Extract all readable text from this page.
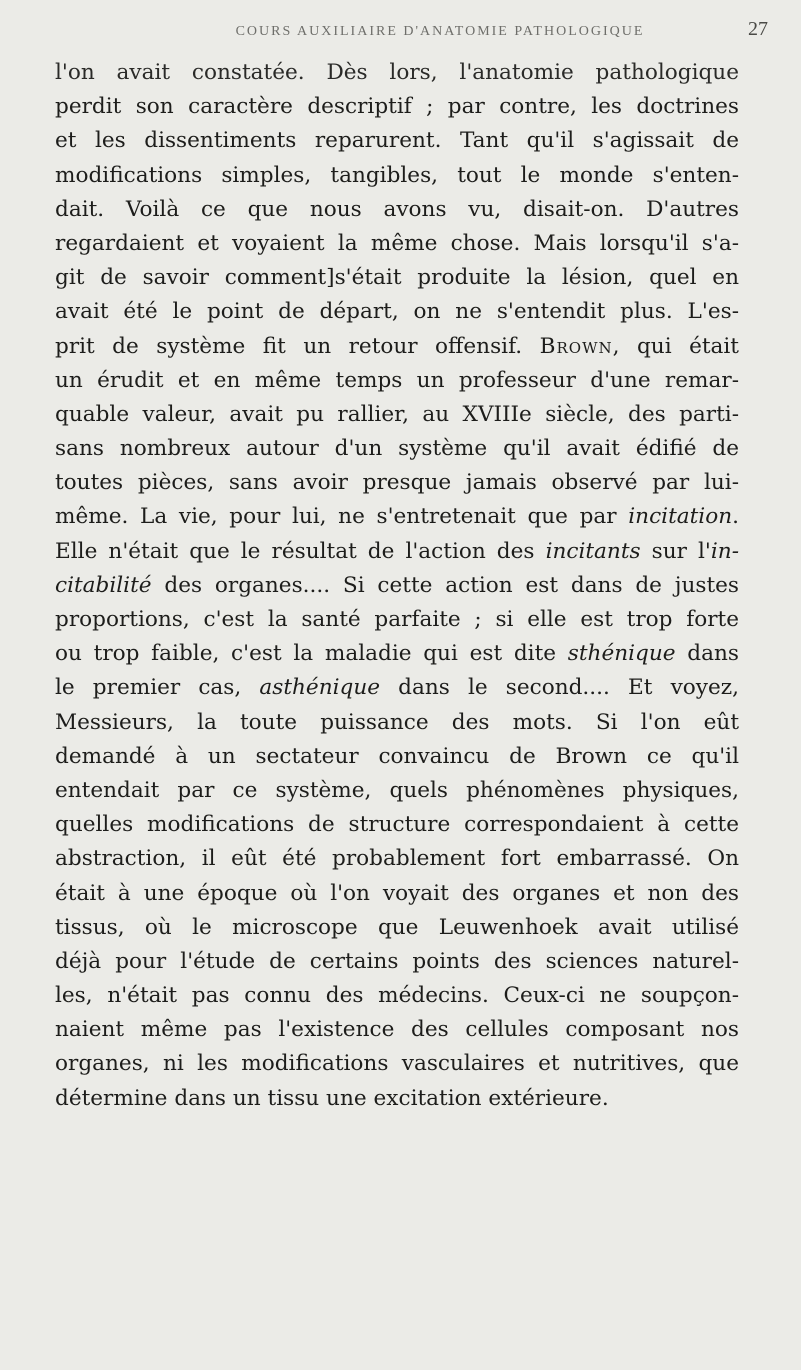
COURS AUXILIAIRE D'ANATOMIE PATHOLOGIQUE	27
l'on avait constatée. Dès lors, l'anatomie pathologique
perdit son caractère descriptif ; par contre, les doctrines
et les dissentiments reparurent. Tant qu'il s'agissait de
modifications simples, tangibles, tout le monde s'enten-
dait. Voilà ce que nous avons vu, disait-on. D'autres
regardaient et voyaient la même chose. Mais lorsqu'il s'a-
git de savoir comment]s'était produite la lésion, quel en
avait été le point de départ, on ne s'entendit plus. L'es-
prit de système fit un retour offensif. Brown, qui était
un érudit et en même temps un professeur d'une remar-
quable valeur, avait pu rallier, au XVIIIe siècle, des parti-
sans nombreux autour d'un système qu'il avait édifié de
toutes pièces, sans avoir presque jamais observé par lui-
même. La vie, pour lui, ne s'entretenait que par incitation.
Elle n'était que le résultat de l'action des incitants sur l'in-
citabilité des organes.... Si cette action est dans de justes
proportions, c'est la santé parfaite ; si elle est trop forte
ou trop faible, c'est la maladie qui est dite sthénique dans
le premier cas, asthénique dans le second.... Et voyez,
Messieurs, la toute puissance des mots. Si l'on eût
demandé à un sectateur convaincu de Brown ce qu'il
entendait par ce système, quels phénomènes physiques,
quelles modifications de structure correspondaient à cette
abstraction, il eût été probablement fort embarrassé. On
était à une époque où l'on voyait des organes et non des
tissus, où le microscope que Leuwenhoek avait utilisé
déjà pour l'étude de certains points des sciences naturel-
les, n'était pas connu des médecins. Ceux-ci ne soupçon-
naient même pas l'existence des cellules composant nos
organes, ni les modifications vasculaires et nutritives, que
détermine dans un tissu une excitation extérieure.
